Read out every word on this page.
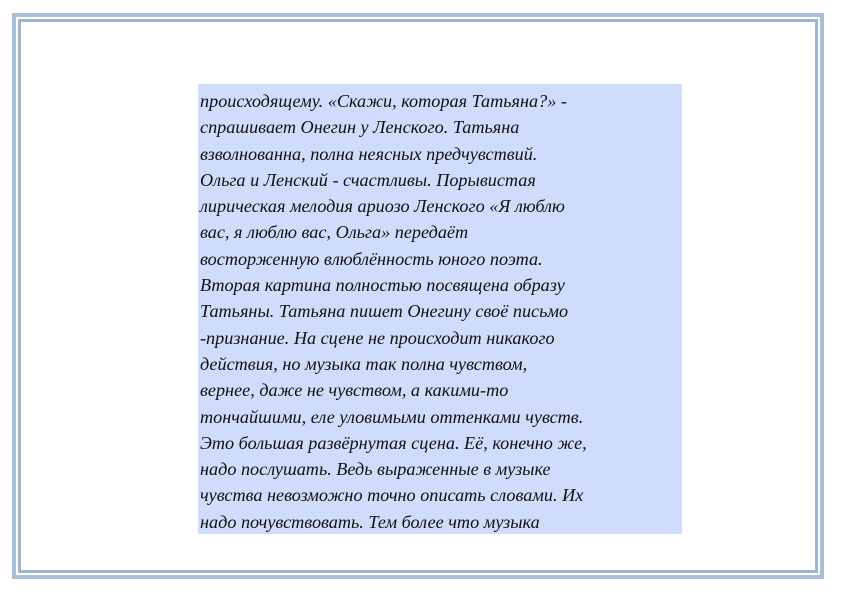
происходящему. «Скажи, которая Татьяна?» -
спрашивает Онегин у Ленского. Татьяна
взволнованна, полна неясных предчувствий.
Ольга и Ленский - счастливы. Порывистая
лирическая мелодия ариозо Ленского «Я люблю
вас, я люблю вас, Ольга» передаёт
восторженную влюблённость юного поэта.
Вторая картина полностью посвящена образу
Татьяны. Татьяна пишет Онегину своё письмо
-признание. На сцене не происходит никакого
действия, но музыка так полна чувством,
вернее, даже не чувством, а какими-то
тончайшими, еле уловимыми оттенками чувств.
Это большая развёрнутая сцена. Её, конечно же,
надо послушать. Ведь выраженные в музыке
чувства невозможно точно описать словами. Их
надо почувствовать. Тем более что музыка
